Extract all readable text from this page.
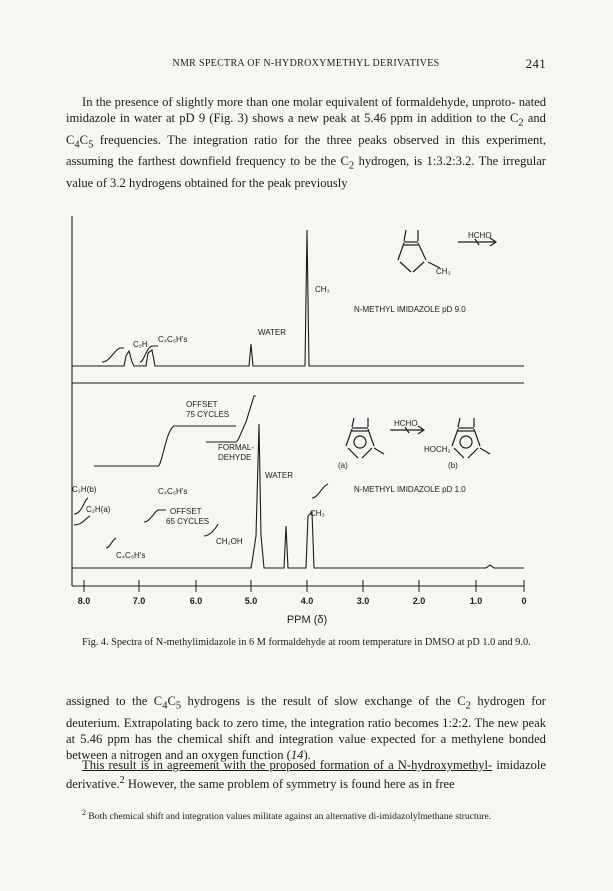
NMR SPECTRA OF N-HYDROXYMETHYL DERIVATIVES	241
In the presence of slightly more than one molar equivalent of formaldehyde, unproto- nated imidazole in water at pD 9 (Fig. 3) shows a new peak at 5.46 ppm in addition to the $C_2$ and $C_4C_5$ frequencies. The integration ratio for the three peaks observed in this experiment, assuming the farthest downfield frequency to be the $C_2$ hydrogen, is 1:3.2:3.2. The irregular value of 3.2 hydrogens obtained for the peak previously
C₂H
C₄C₅H's
WATER
CH₃
N-METHYL IMIDAZOLE pD 9.0
HCHO
CH₃
OFFSET
75 CYCLES
FORMAL-
DEHYDE
WATER
C₂H(b)	C₄C₅H's
C₂H(a)	OFFSET
65 CYCLES
CH₂OH
CH₃
C₄C₅H's
N-METHYL IMIDAZOLE pD 1.0
(a)	(b)
HCHO
HOCH₂
8.0	7.0	6.0	5.0	4.0	3.0	2.0	1.0	0
PPM (δ)
Fig. 4. Spectra of N-methylimidazole in 6 M formaldehyde at room temperature in DMSO at pD 1.0 and 9.0.
assigned to the $C_4C_5$ hydrogens is the result of slow exchange of the $C_2$ hydrogen for deuterium. Extrapolating back to zero time, the integration ratio becomes 1:2:2. The new peak at 5.46 ppm has the chemical shift and integration value expected for a methylene bonded between a nitrogen and an oxygen function (14).
This result is in agreement with the proposed formation of a N-hydroxymethyl- imidazole derivative.$^2$ However, the same problem of symmetry is found here as in free
$^2$ Both chemical shift and integration values militate against an alternative di-imidazolylmethane structure.
